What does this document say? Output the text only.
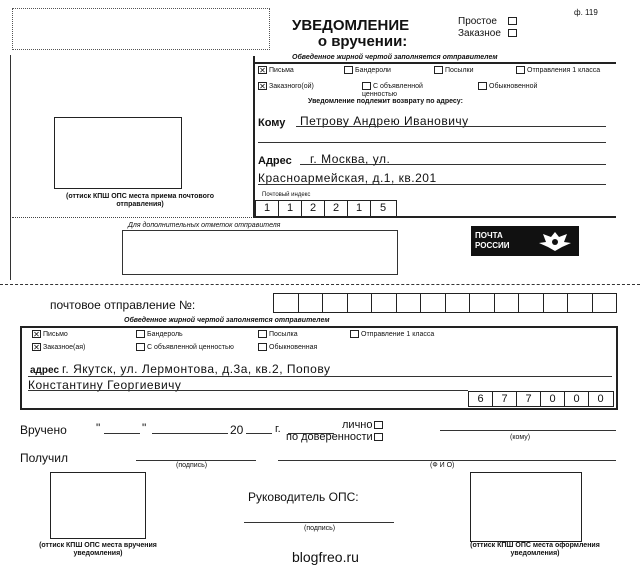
ф. 119
УВЕДОМЛЕНИЕ
о вручении:
Простое
Заказное
Обведенное жирной чертой заполняется отправителем
✕ Письма	Бандероли	Посылки	Отправления 1 класса
✕ Заказного(ой)	С объявленной ценностью
Обыкновенной
Уведомление подлежит возврату по адресу:
Кому Петрову Андрею Ивановичу
Адрес г. Москва, ул.
Красноармейская, д.1, кв.201
Почтовый индекс
1	1	2	2	1	5
(оттиск КПШ ОПС места приема почтового отправления)
Для дополнительных отметок отправителя
ПОЧТА
РОССИИ
почтовое отправление №:
Обведенное жирной чертой заполняется отправителем
✕ Письмо	Бандероль	Посылка	Отправление 1 класса
✕ Заказное(ая)	С объявленной ценностью	Обыкновенная
адрес г. Якутск, ул. Лермонтова, д.3а, кв.2, Попову
Константину Георгиевичу
6	7	7	0	0	0
Вручено "	"	20	г.	лично
по доверенности	(кому)
Получил
(подпись)	(Ф И О)
(оттиск КПШ ОПС места вручения уведомления)
(оттиск КПШ ОПС места оформления уведомления)
Руководитель ОПС:
(подпись)
blogfreo.ru
